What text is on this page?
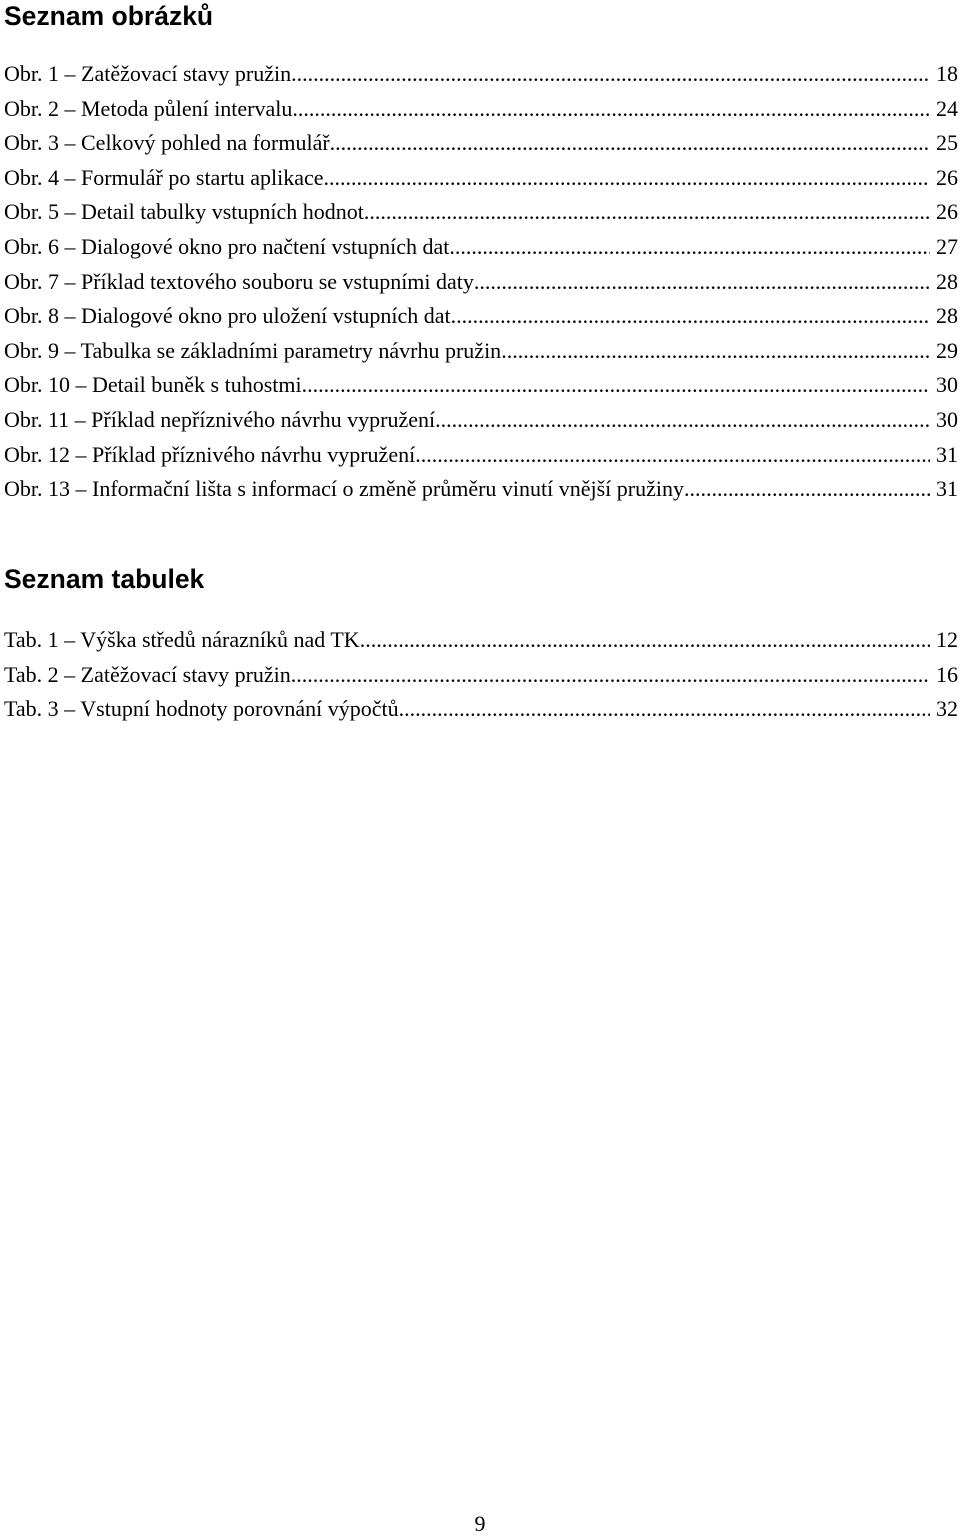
Seznam obrázků
Obr. 1 – Zatěžovací stavy pružin .....	18
Obr. 2 – Metoda půlení intervalu .....	24
Obr. 3 – Celkový pohled na formulář .....	25
Obr. 4 – Formulář po startu aplikace .....	26
Obr. 5 – Detail tabulky vstupních hodnot .....	26
Obr. 6 – Dialogové okno pro načtení vstupních dat .....	27
Obr. 7 – Příklad textového souboru se vstupními daty .....	28
Obr. 8 – Dialogové okno pro uložení vstupních dat .....	28
Obr. 9 – Tabulka se základními parametry návrhu pružin .....	29
Obr. 10 – Detail buněk s tuhostmi .....	30
Obr. 11 – Příklad nepříznivého návrhu vypružení .....	30
Obr. 12 – Příklad příznivého návrhu vypružení .....	31
Obr. 13 – Informační lišta s informací o změně průměru vinutí vnější pružiny .....	31
Seznam tabulek
Tab. 1 – Výška středů nárazníků nad TK .....	12
Tab. 2 – Zatěžovací stavy pružin .....	16
Tab. 3 – Vstupní hodnoty porovnání výpočtů .....	32
9
